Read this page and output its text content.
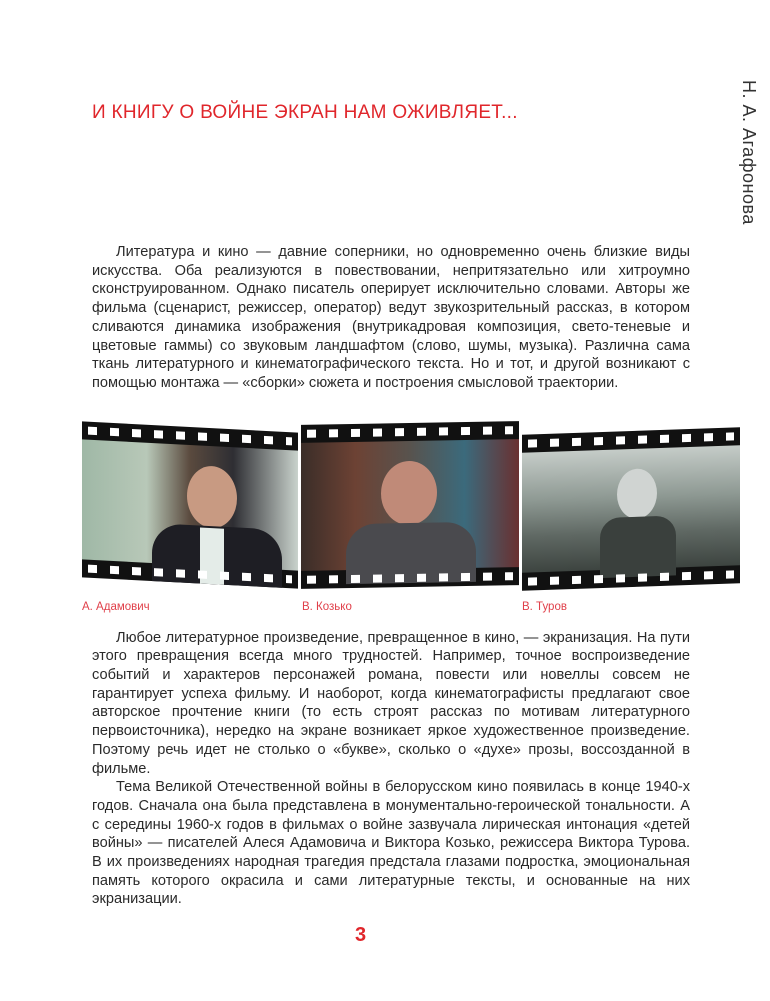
Н. А. Агафонова
И КНИГУ О ВОЙНЕ ЭКРАН НАМ ОЖИВЛЯЕТ...

Литература и кино — давние соперники, но одновременно очень близкие виды искусства. Оба реализуются в повествовании, непритязательно или хитроумно сконструированном. Однако писатель оперирует исключительно словами. Авторы же фильма (сценарист, режиссер, оператор) ведут звукозрительный рассказ, в котором сливаются динамика изображения (внутрикадровая композиция, свето-теневые и цветовые гаммы) со звуковым ландшафтом (слово, шумы, музыка). Различна сама ткань литературного и кинематографического текста. Но и тот, и другой возникают с помощью монтажа — «сборки» сюжета и построения смысловой траектории.

А. Адамович	В. Козько	В. Туров

Любое литературное произведение, превращенное в кино, — экранизация. На пути этого превращения всегда много трудностей. Например, точное воспроизведение событий и характеров персонажей романа, повести или новеллы совсем не гарантирует успеха фильму. И наоборот, когда кинематографисты предлагают свое авторское прочтение книги (то есть строят рассказ по мотивам литературного первоисточника), нередко на экране возникает яркое художественное произведение. Поэтому речь идет не столько о «букве», сколько о «духе» прозы, воссозданной в фильме.

Тема Великой Отечественной войны в белорусском кино появилась в конце 1940-х годов. Сначала она была представлена в монументально-героической тональности. А с середины 1960-х годов в фильмах о войне зазвучала лирическая интонация «детей войны» — писателей Алеся Адамовича и Виктора Козько, режиссера Виктора Турова. В их произведениях народная трагедия предстала глазами подростка, эмоциональная память которого окрасила и сами литературные тексты, и основанные на них экранизации.

3
